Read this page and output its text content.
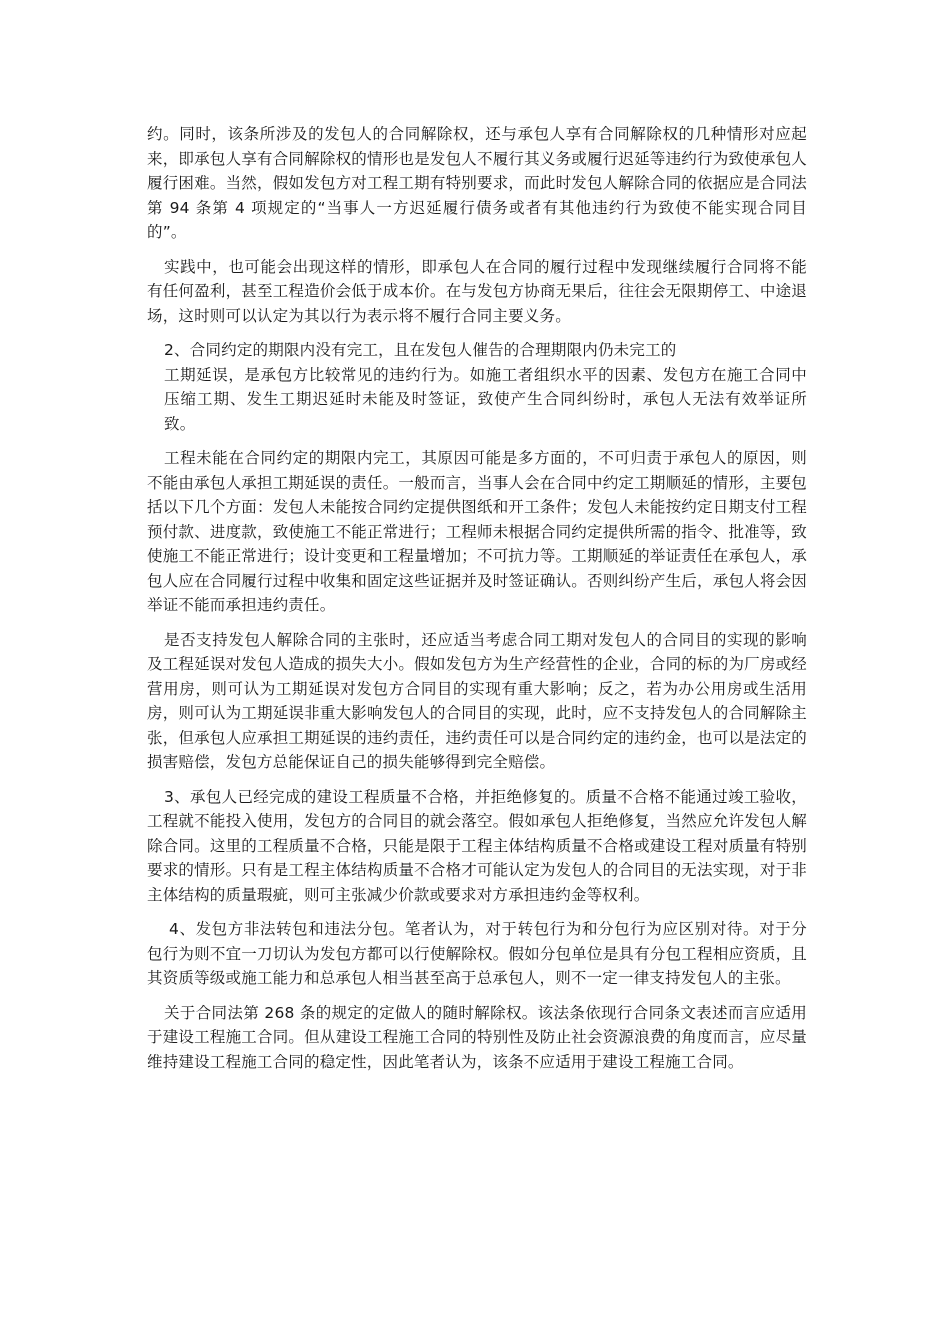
约。同时，该条所涉及的发包人的合同解除权，还与承包人享有合同解除权的几种情形对应起来，即承包人享有合同解除权的情形也是发包人不履行其义务或履行迟延等违约行为致使承包人履行困难。当然，假如发包方对工程工期有特别要求，而此时发包人解除合同的依据应是合同法第 94 条第 4 项规定的“当事人一方迟延履行债务或者有其他违约行为致使不能实现合同目的”。

实践中，也可能会出现这样的情形，即承包人在合同的履行过程中发现继续履行合同将不能有任何盈利，甚至工程造价会低于成本价。在与发包方协商无果后，往往会无限期停工、中途退场，这时则可以认定为其以行为表示将不履行合同主要义务。

2、合同约定的期限内没有完工，且在发包人催告的合理期限内仍未完工的

工期延误，是承包方比较常见的违约行为。如施工者组织水平的因素、发包方在施工合同中压缩工期、发生工期迟延时未能及时签证，致使产生合同纠纷时，承包人无法有效举证所致。

工程未能在合同约定的期限内完工，其原因可能是多方面的，不可归责于承包人的原因，则不能由承包人承担工期延误的责任。一般而言，当事人会在合同中约定工期顺延的情形，主要包括以下几个方面：发包人未能按合同约定提供图纸和开工条件；发包人未能按约定日期支付工程预付款、进度款，致使施工不能正常进行；工程师未根据合同约定提供所需的指令、批准等，致使施工不能正常进行；设计变更和工程量增加；不可抗力等。工期顺延的举证责任在承包人，承包人应在合同履行过程中收集和固定这些证据并及时签证确认。否则纠纷产生后，承包人将会因举证不能而承担违约责任。

是否支持发包人解除合同的主张时，还应适当考虑合同工期对发包人的合同目的实现的影响及工程延误对发包人造成的损失大小。假如发包方为生产经营性的企业，合同的标的为厂房或经营用房，则可认为工期延误对发包方合同目的实现有重大影响；反之，若为办公用房或生活用房，则可认为工期延误非重大影响发包人的合同目的实现，此时，应不支持发包人的合同解除主张，但承包人应承担工期延误的违约责任，违约责任可以是合同约定的违约金，也可以是法定的损害赔偿，发包方总能保证自己的损失能够得到完全赔偿。

3、承包人已经完成的建设工程质量不合格，并拒绝修复的。质量不合格不能通过竣工验收，工程就不能投入使用，发包方的合同目的就会落空。假如承包人拒绝修复，当然应允许发包人解除合同。这里的工程质量不合格，只能是限于工程主体结构质量不合格或建设工程对质量有特别要求的情形。只有是工程主体结构质量不合格才可能认定为发包人的合同目的无法实现，对于非主体结构的质量瑕疵，则可主张减少价款或要求对方承担违约金等权利。

4、发包方非法转包和违法分包。笔者认为，对于转包行为和分包行为应区别对待。对于分包行为则不宜一刀切认为发包方都可以行使解除权。假如分包单位是具有分包工程相应资质，且其资质等级或施工能力和总承包人相当甚至高于总承包人，则不一定一律支持发包人的主张。

关于合同法第 268 条的规定的定做人的随时解除权。该法条依现行合同条文表述而言应适用于建设工程施工合同。但从建设工程施工合同的特别性及防止社会资源浪费的角度而言，应尽量维持建设工程施工合同的稳定性，因此笔者认为，该条不应适用于建设工程施工合同。
